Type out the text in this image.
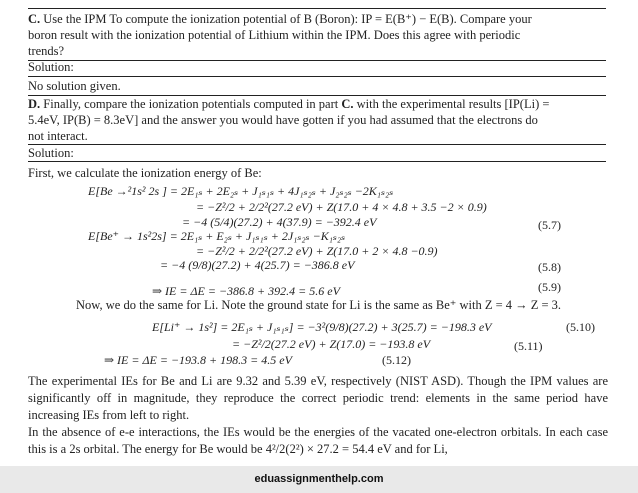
C. Use the IPM To compute the ionization potential of B (Boron): IP = E(B⁺) − E(B). Compare your
boron result with the ionization potential of Lithium within the IPM. Does this agree with periodic
trends?
Solution:
No solution given.
D. Finally, compare the ionization potentials computed in part C. with the experimental results [IP(Li) =
5.4eV, IP(B) = 8.3eV] and the answer you would have gotten if you had assumed that the electrons do
not interact.
Solution:
First, we calculate the ionization energy of Be:
E[Be →²1s² 2s ] = 2E₁ₛ + 2E₂ₛ + J₁ₛ₁ₛ + 4J₁ₛ₂ₛ + J₂ₛ₂ₛ −2K₁ₛ₂ₛ
= −Z²/2 + 2/2²(27.2 eV) + Z(17.0 + 4 × 4.8 + 3.5 −2 × 0.9)
= −4 (5/4)(27.2) + 4(37.9) = −392.4 eV	(5.7)
E[Be⁺ → 1s²2s] = 2E₁ₛ + E₂ₛ + J₁ₛ₁ₛ + 2J₁ₛ₂ₛ −K₁ₛ₂ₛ
= −Z²/2 + 2/2²(27.2 eV) + Z(17.0 + 2 × 4.8 −0.9)
= −4 (9/8)(27.2) + 4(25.7) = −386.8 eV	(5.8)
⇒ IE = ΔE = −386.8 + 392.4 = 5.6 eV	(5.9)
Now, we do the same for Li. Note the ground state for Li is the same as Be⁺ with Z = 4 → Z = 3.
E[Li⁺ → 1s²] = 2E₁ₛ + J₁ₛ₁ₛ] = −3²(9/8)(27.2) + 3(25.7) = −198.3 eV	(5.10)
= −Z²/2(27.2 eV) + Z(17.0) = −193.8 eV	(5.11)
⇒ IE = ΔE = −193.8 + 198.3 = 4.5 eV	(5.12)
The experimental IEs for Be and Li are 9.32 and 5.39 eV, respectively (NIST ASD). Though the IPM values are significantly off in magnitude, they reproduce the correct periodic trend: elements in the same period have increasing IEs from left to right.
In the absence of e-e interactions, the IEs would be the energies of the vacated one-electron orbitals. In each case this is a 2s orbital. The energy for Be would be 4²/2(2²) × 27.2 = 54.4 eV and for Li,
eduassignmenthelp.com
